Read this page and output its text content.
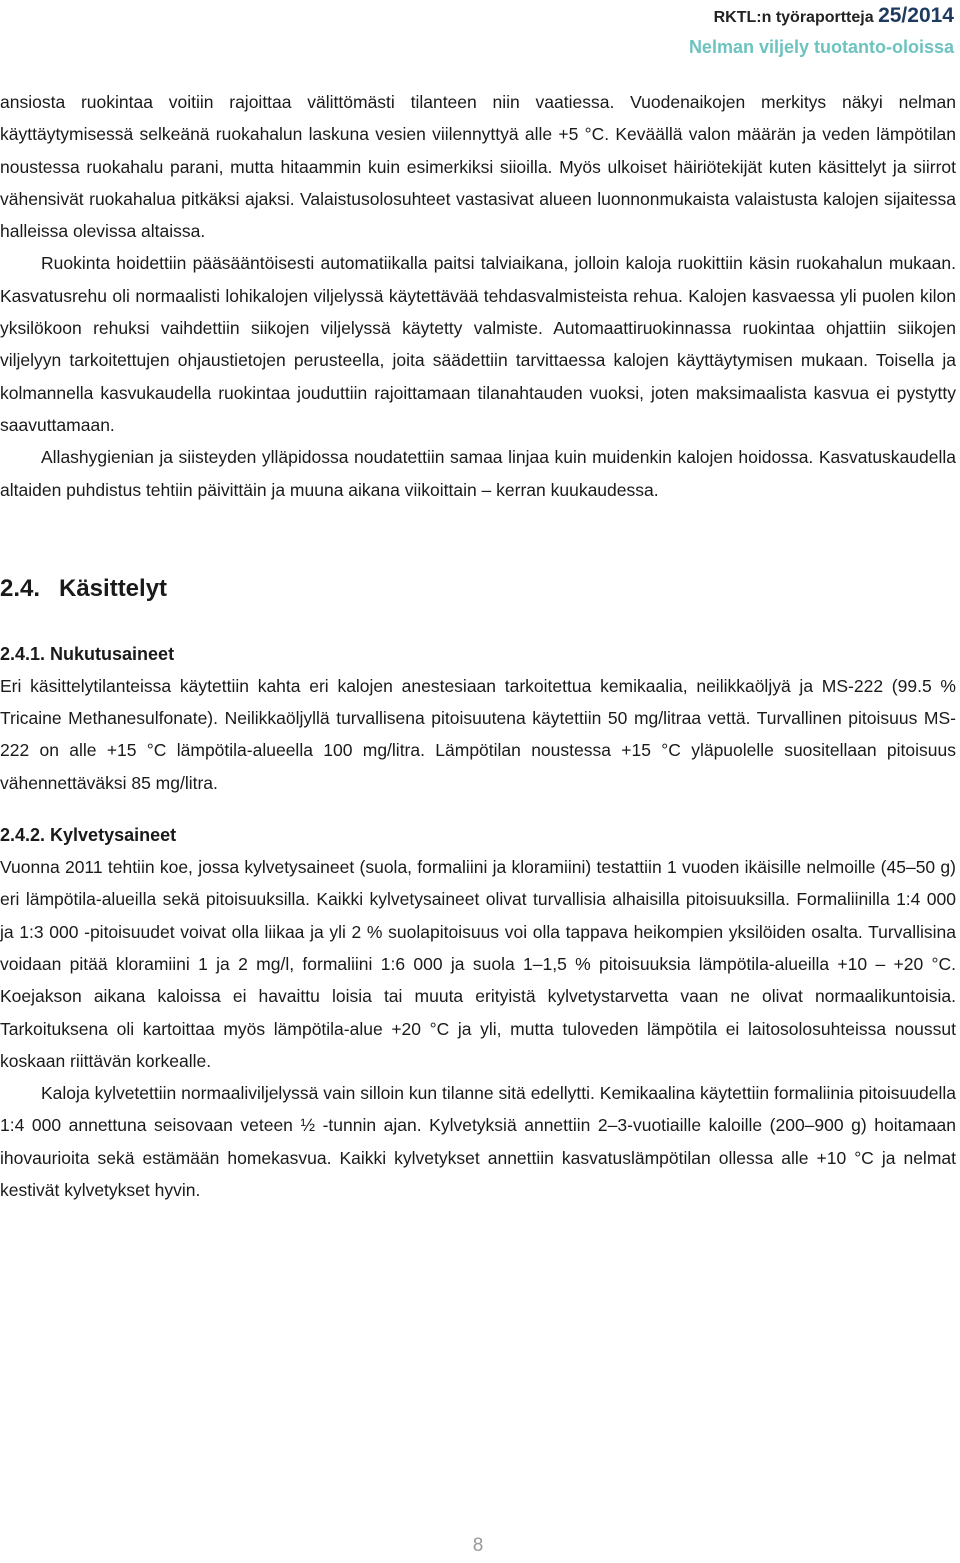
RKTL:n työraportteja 25/2014
Nelman viljely tuotanto-oloissa

ansiosta ruokintaa voitiin rajoittaa välittömästi tilanteen niin vaatiessa. Vuodenaikojen merkitys näkyi nelman käyttäytymisessä selkeänä ruokahalun laskuna vesien viilennyttyä alle +5 °C. Keväällä valon määrän ja veden lämpötilan noustessa ruokahalu parani, mutta hitaammin kuin esimerkiksi siioilla. Myös ulkoiset häiriötekijät kuten käsittelyt ja siirrot vähensivät ruokahalua pitkäksi ajaksi. Valaistusolosuhteet vastasivat alueen luonnonmukaista valaistusta kalojen sijaitessa halleissa olevissa altaissa.

Ruokinta hoidettiin pääsääntöisesti automatiikalla paitsi talviaikana, jolloin kaloja ruokittiin käsin ruokahalun mukaan. Kasvatusrehu oli normaalisti lohikalojen viljelyssä käytettävää tehdasvalmisteista rehua. Kalojen kasvaessa yli puolen kilon yksilökoon rehuksi vaihdettiin siikojen viljelyssä käytetty valmiste. Automaattiruokinnassa ruokintaa ohjattiin siikojen viljelyyn tarkoitettujen ohjaustietojen perusteella, joita säädettiin tarvittaessa kalojen käyttäytymisen mukaan. Toisella ja kolmannella kasvukaudella ruokintaa jouduttiin rajoittamaan tilanahtauden vuoksi, joten maksimaalista kasvua ei pystytty saavuttamaan.

Allashygienian ja siisteyden ylläpidossa noudatettiin samaa linjaa kuin muidenkin kalojen hoidossa. Kasvatuskaudella altaiden puhdistus tehtiin päivittäin ja muuna aikana viikoittain – kerran kuukaudessa.

2.4. Käsittelyt
2.4.1. Nukutusaineet

Eri käsittelytilanteissa käytettiin kahta eri kalojen anestesiaan tarkoitettua kemikaalia, neilikkaöljyä ja MS-222 (99.5 % Tricaine Methanesulfonate). Neilikkaöljyllä turvallisena pitoisuutena käytettiin 50 mg/litraa vettä. Turvallinen pitoisuus MS-222 on alle +15 °C lämpötila-alueella 100 mg/litra. Lämpötilan noustessa +15 °C yläpuolelle suositellaan pitoisuus vähennettäväksi 85 mg/litra.

2.4.2. Kylvetysaineet

Vuonna 2011 tehtiin koe, jossa kylvetysaineet (suola, formaliini ja kloramiini) testattiin 1 vuoden ikäisille nelmoille (45–50 g) eri lämpötila-alueilla sekä pitoisuuksilla. Kaikki kylvetysaineet olivat turvallisia alhaisilla pitoisuuksilla. Formaliinilla 1:4 000 ja 1:3 000 -pitoisuudet voivat olla liikaa ja yli 2 % suolapitoisuus voi olla tappava heikompien yksilöiden osalta. Turvallisina voidaan pitää kloramiini 1 ja 2 mg/l, formaliini 1:6 000 ja suola 1–1,5 % pitoisuuksia lämpötila-alueilla +10 – +20 °C. Koejakson aikana kaloissa ei havaittu loisia tai muuta erityistä kylvetystarvetta vaan ne olivat normaalikuntoisia. Tarkoituksena oli kartoittaa myös lämpötila-alue +20 °C ja yli, mutta tuloveden lämpötila ei laitosolosuhteissa noussut koskaan riittävän korkealle.

Kaloja kylvetettiin normaaliviljelyssä vain silloin kun tilanne sitä edellytti. Kemikaalina käytettiin formaliinia pitoisuudella 1:4 000 annettuna seisovaan veteen ½ -tunnin ajan. Kylvetyksiä annettiin 2–3-vuotiaille kaloille (200–900 g) hoitamaan ihovaurioita sekä estämään homekasvua. Kaikki kylvetykset annettiin kasvatuslämpötilan ollessa alle +10 °C ja nelmat kestivät kylvetykset hyvin.

8
